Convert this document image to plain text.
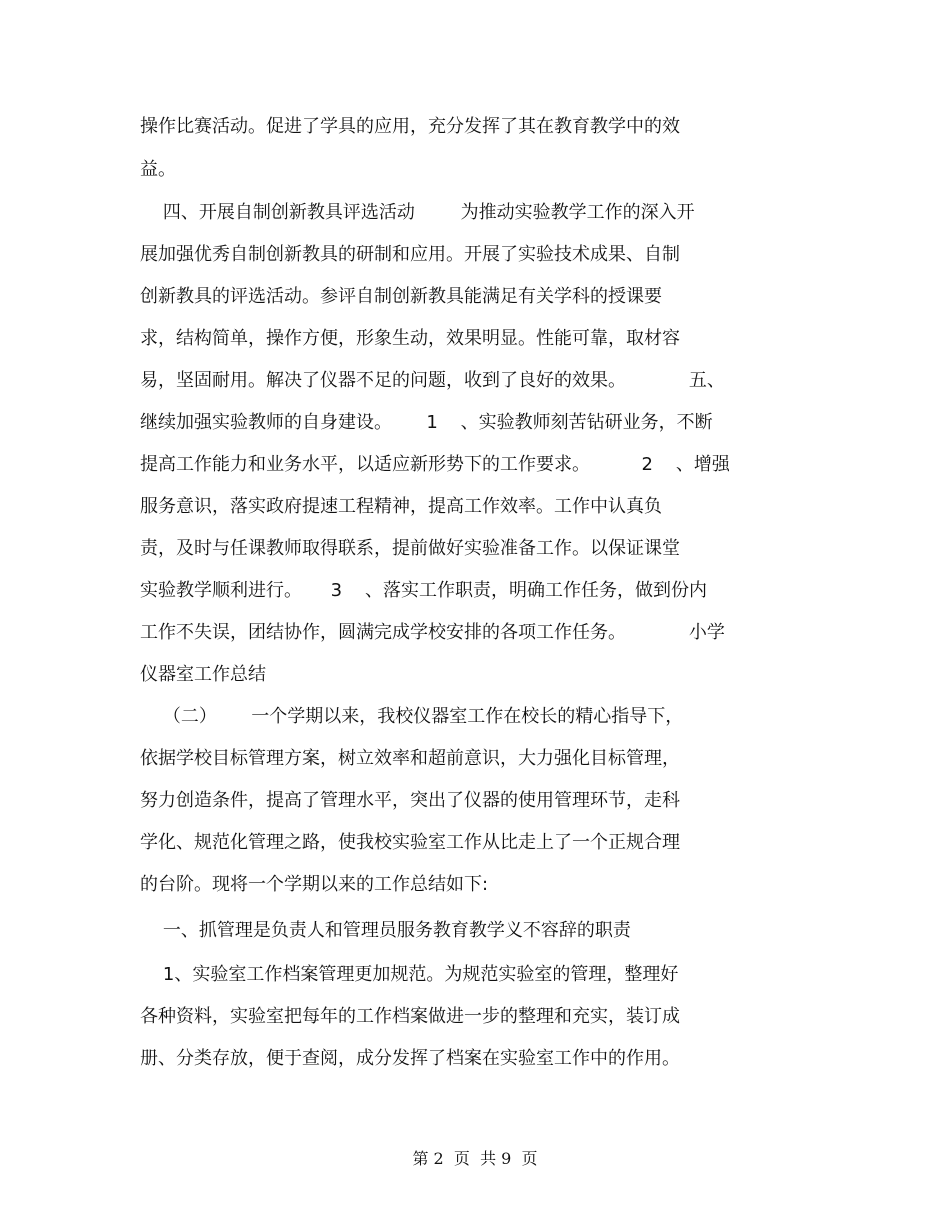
操作比赛活动。促进了学具的应用，充分发挥了其在教育教学中的效
益。
四、开展自制创新教具评选活动        为推动实验教学工作的深入开
展加强优秀自制创新教具的研制和应用。开展了实验技术成果、自制
创新教具的评选活动。参评自制创新教具能满足有关学科的授课要
求，结构简单，操作方便，形象生动，效果明显。性能可靠，取材容
易，坚固耐用。解决了仪器不足的问题，收到了良好的效果。           五、
继续加强实验教师的自身建设。      1    、实验教师刻苦钻研业务，不断
提高工作能力和业务水平，以适应新形势下的工作要求。         2    、增强
服务意识，落实政府提速工程精神，提高工作效率。工作中认真负
责，及时与任课教师取得联系，提前做好实验准备工作。以保证课堂
实验教学顺利进行。     3    、落实工作职责，明确工作任务，做到份内
工作不失误，团结协作，圆满完成学校安排的各项工作任务。           小学
仪器室工作总结
（二）      一个学期以来，我校仪器室工作在校长的精心指导下，
依据学校目标管理方案，树立效率和超前意识，大力强化目标管理，
努力创造条件，提高了管理水平，突出了仪器的使用管理环节，走科
学化、规范化管理之路，使我校实验室工作从比走上了一个正规合理
的台阶。现将一个学期以来的工作总结如下:
一、抓管理是负责人和管理员服务教育教学义不容辞的职责
1、实验室工作档案管理更加规范。为规范实验室的管理，整理好
各种资料，实验室把每年的工作档案做进一步的整理和充实，装订成
册、分类存放，便于查阅，成分发挥了档案在实验室工作中的作用。
第 2  页  共 9  页
